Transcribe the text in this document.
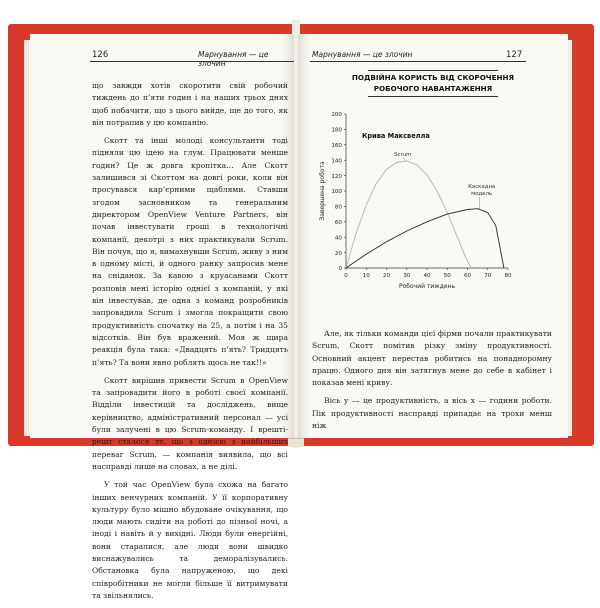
126	Марнування — це злочин

що завжди хотів скоротити свій робочий тиждень до п’яти годин і на наших трьох днях щоб побачити, що з цього вийде, ще до того, як він потрапив у цю компанію.

Скотт та інші молоді консультанти тоді підняли цю ідею на глум. Працювати менше годин? Це ж довга кропітка… Але Скотт залишився зі Скоттом на довгі роки, коли він просувався кар’єрними щаблями. Ставши згодом засновником та генеральним директором OpenView Venture Partners, він почав інвестувати гроші в технологічні компанії, декотрі з них практикували Scrum. Він почув, що я, вимахнувши Scrum, живу з ним в одному місті, й одного ранку запросив мене на сніданок. За кавою з круасанами Скотт розповів мені історію однієї з компаній, у які він інвестував, де одна з команд розробників запровадила Scrum і змогла покращити свою продуктивність спочатку на 25, а потім і на 35 відсотків. Він був вражений. Моя ж щира реакція була така: «Двадцять п’ять? Тридцять п’ять? Та вони явно роблять щось не так!!»

Скотт вирішив привести Scrum в OpenView та запровадити його в роботі своєї компанії. Відділи інвестицій та досліджень, вище керівництво, адміністративний персонал — усі були залучені в цю Scrum-команду. І врешті-решт сталося те, що з однією з найбільших переваг Scrum, — компанія виявила, що всі насправді лише на словах, а не ділі.

У той час OpenView була схожа на багато інших венчурних компаній. У її корпоративну культуру було мішно вбудоване очікування, що люди мають сидіти на роботі до пізньої ночі, а іноді і навіть й у вихідні. Люди були енергійні, вони старалися, але люди вони швидко виснажувались та деморалізувались. Обстановка була напруженою, що декі співробітники не могли більше її витримувати та звільнялись.

Марнування — це злочин	127
ПОДВІЙНА КОРИСТЬ ВІД СКОРОЧЕННЯ
РОБОЧОГО НАВАНТАЖЕННЯ
0
20
40
60
80
100
120
140
160
180
200
0	10 20 30 40 50 60 70 80
Робочий тиждень
Завершена робота
Крива Максвелла
Scrum
Каскадна
модель

Але, як тільки команди цієї фірми почали практикувати Scrum, Скотт помітив різку зміну продуктивності. Основний акцент перестав робитись на понадноромну працю. Одного дня він затягнув мене до себе в кабінет і показав мені криву.

Вісь y — це продуктивність, а вісь x — години роботи. Пік продуктивності насправді припадає на трохи менш ніж
